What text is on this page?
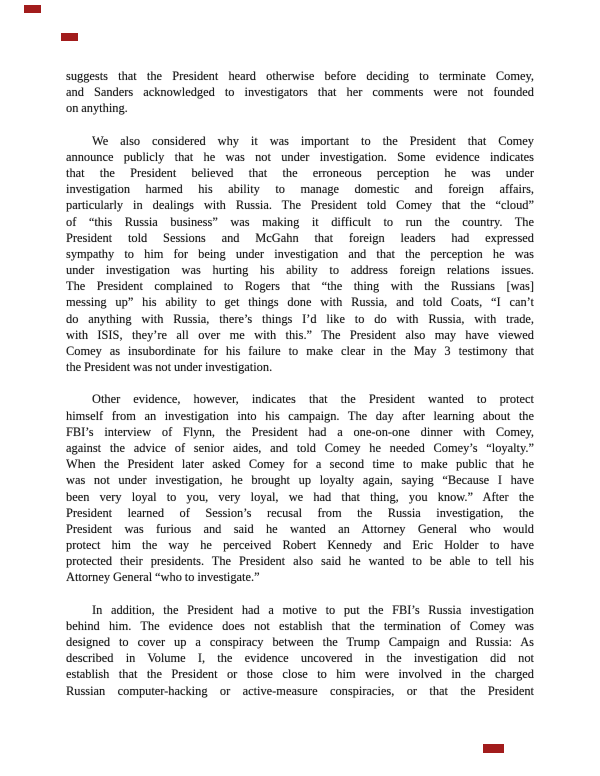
suggests that the President heard otherwise before deciding to terminate Comey,
and Sanders acknowledged to investigators that her comments were not founded
on anything.
We also considered why it was important to the President that Comey
announce publicly that he was not under investigation. Some evidence indicates
that the President believed that the erroneous perception he was under
investigation harmed his ability to manage domestic and foreign affairs,
particularly in dealings with Russia. The President told Comey that the “cloud”
of “this Russia business” was making it difficult to run the country. The
President told Sessions and McGahn that foreign leaders had expressed
sympathy to him for being under investigation and that the perception he was
under investigation was hurting his ability to address foreign relations issues.
The President complained to Rogers that “the thing with the Russians [was]
messing up” his ability to get things done with Russia, and told Coats, “I can’t
do anything with Russia, there’s things I’d like to do with Russia, with trade,
with ISIS, they’re all over me with this.” The President also may have viewed
Comey as insubordinate for his failure to make clear in the May 3 testimony that
the President was not under investigation.
Other evidence, however, indicates that the President wanted to protect
himself from an investigation into his campaign. The day after learning about the
FBI’s interview of Flynn, the President had a one-on-one dinner with Comey,
against the advice of senior aides, and told Comey he needed Comey’s “loyalty.”
When the President later asked Comey for a second time to make public that he
was not under investigation, he brought up loyalty again, saying “Because I have
been very loyal to you, very loyal, we had that thing, you know.” After the
President learned of Session’s recusal from the Russia investigation, the
President was furious and said he wanted an Attorney General who would
protect him the way he perceived Robert Kennedy and Eric Holder to have
protected their presidents. The President also said he wanted to be able to tell his
Attorney General “who to investigate.”
In addition, the President had a motive to put the FBI’s Russia investigation
behind him. The evidence does not establish that the termination of Comey was
designed to cover up a conspiracy between the Trump Campaign and Russia: As
described in Volume I, the evidence uncovered in the investigation did not
establish that the President or those close to him were involved in the charged
Russian computer-hacking or active-measure conspiracies, or that the President
